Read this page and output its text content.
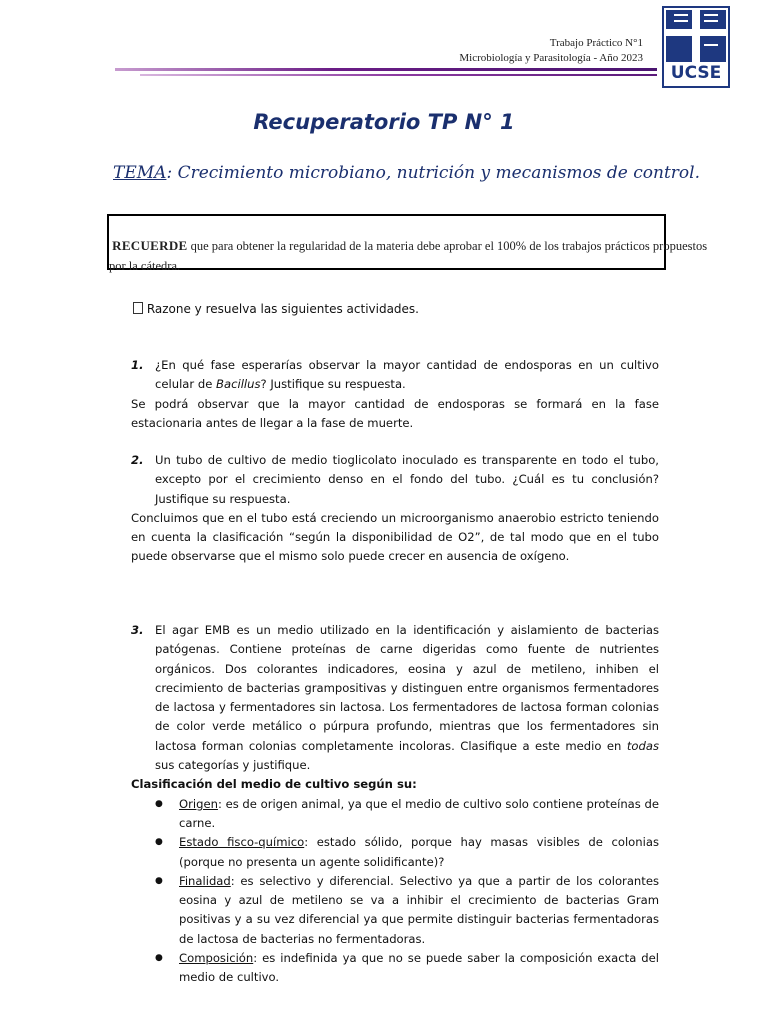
Trabajo Práctico N°1
Microbiología y Parasitología - Año 2023
UCSE
Recuperatorio TP N° 1
TEMA: Crecimiento microbiano, nutrición y mecanismos de control.
RECUERDE que para obtener la regularidad de la materia debe aprobar el 100% de los trabajos prácticos propuestos por la cátedra.
Razone y resuelva las siguientes actividades.
1. ¿En qué fase esperarías observar la mayor cantidad de endosporas en un cultivo celular de Bacillus? Justifique su respuesta.
Se podrá observar que la mayor cantidad de endosporas se formará en la fase estacionaria antes de llegar a la fase de muerte.
2. Un tubo de cultivo de medio tioglicolato inoculado es transparente en todo el tubo, excepto por el crecimiento denso en el fondo del tubo. ¿Cuál es tu conclusión? Justifique su respuesta.
Concluimos que en el tubo está creciendo un microorganismo anaerobio estricto teniendo en cuenta la clasificación “según la disponibilidad de O2”, de tal modo que en el tubo puede observarse que el mismo solo puede crecer en ausencia de oxígeno.
3. El agar EMB es un medio utilizado en la identificación y aislamiento de bacterias patógenas. Contiene proteínas de carne digeridas como fuente de nutrientes orgánicos. Dos colorantes indicadores, eosina y azul de metileno, inhiben el crecimiento de bacterias grampositivas y distinguen entre organismos fermentadores de lactosa y fermentadores sin lactosa. Los fermentadores de lactosa forman colonias de color verde metálico o púrpura profundo, mientras que los fermentadores sin lactosa forman colonias completamente incoloras. Clasifique a este medio en todas sus categorías y justifique.
Clasificación del medio de cultivo según su:
● Origen: es de origen animal, ya que el medio de cultivo solo contiene proteínas de carne.
● Estado fisco-químico: estado sólido, porque hay masas visibles de colonias (porque no presenta un agente solidificante)?
● Finalidad: es selectivo y diferencial. Selectivo ya que a partir de los colorantes eosina y azul de metileno se va a inhibir el crecimiento de bacterias Gram positivas y a su vez diferencial ya que permite distinguir bacterias fermentadoras de lactosa de bacterias no fermentadoras.
● Composición: es indefinida ya que no se puede saber la composición exacta del medio de cultivo.
